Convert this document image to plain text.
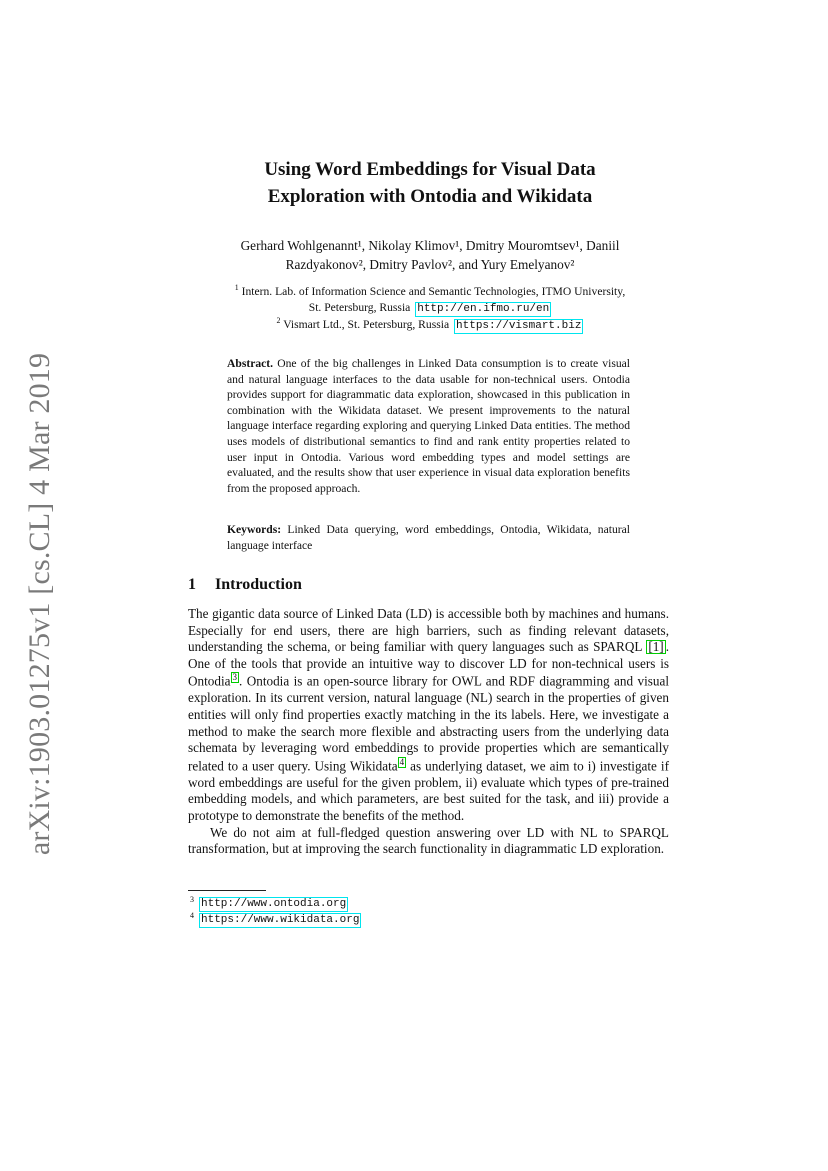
arXiv:1903.01275v1 [cs.CL] 4 Mar 2019
Using Word Embeddings for Visual Data
Exploration with Ontodia and Wikidata
Gerhard Wohlgenannt¹, Nikolay Klimov¹, Dmitry Mouromtsev¹, Daniil
Razdyakonov², Dmitry Pavlov², and Yury Emelyanov²
$^1$ Intern. Lab. of Information Science and Semantic Technologies, ITMO University,
St. Petersburg, Russia http://en.ifmo.ru/en
$^2$ Vismart Ltd., St. Petersburg, Russia https://vismart.biz

Abstract. One of the big challenges in Linked Data consumption is to create visual and natural language interfaces to the data usable for non-technical users. Ontodia provides support for diagrammatic data exploration, showcased in this publication in combination with the Wikidata dataset. We present improvements to the natural language interface regarding exploring and querying Linked Data entities. The method uses models of distributional semantics to find and rank entity properties related to user input in Ontodia. Various word embedding types and model settings are evaluated, and the results show that user experience in visual data exploration benefits from the proposed approach.

Keywords: Linked Data querying, word embeddings, Ontodia, Wikidata, natural language interface
1 Introduction

The gigantic data source of Linked Data (LD) is accessible both by machines and humans. Especially for end users, there are high barriers, such as finding relevant datasets, understanding the schema, or being familiar with query languages such as SPARQL [1] . One of the tools that provide an intuitive way to discover LD for non-technical users is Ontodia 3 . Ontodia is an open-source library for OWL and RDF diagramming and visual exploration. In its current version, natural language (NL) search in the properties of given entities will only find properties exactly matching in the its labels. Here, we investigate a method to make the search more flexible and abstracting users from the underlying data schemata by leveraging word embeddings to provide properties which are semantically related to a user query. Using Wikidata 4 as underlying dataset, we aim to i) investigate if word embeddings are useful for the given problem, ii) evaluate which types of pre-trained embedding models, and which parameters, are best suited for the task, and iii) provide a prototype to demonstrate the benefits of the method.

We do not aim at full-fledged question answering over LD with NL to SPARQL transformation, but at improving the search functionality in diagrammatic LD exploration.

$^3$ http://www.ontodia.org
$^4$ https://www.wikidata.org
